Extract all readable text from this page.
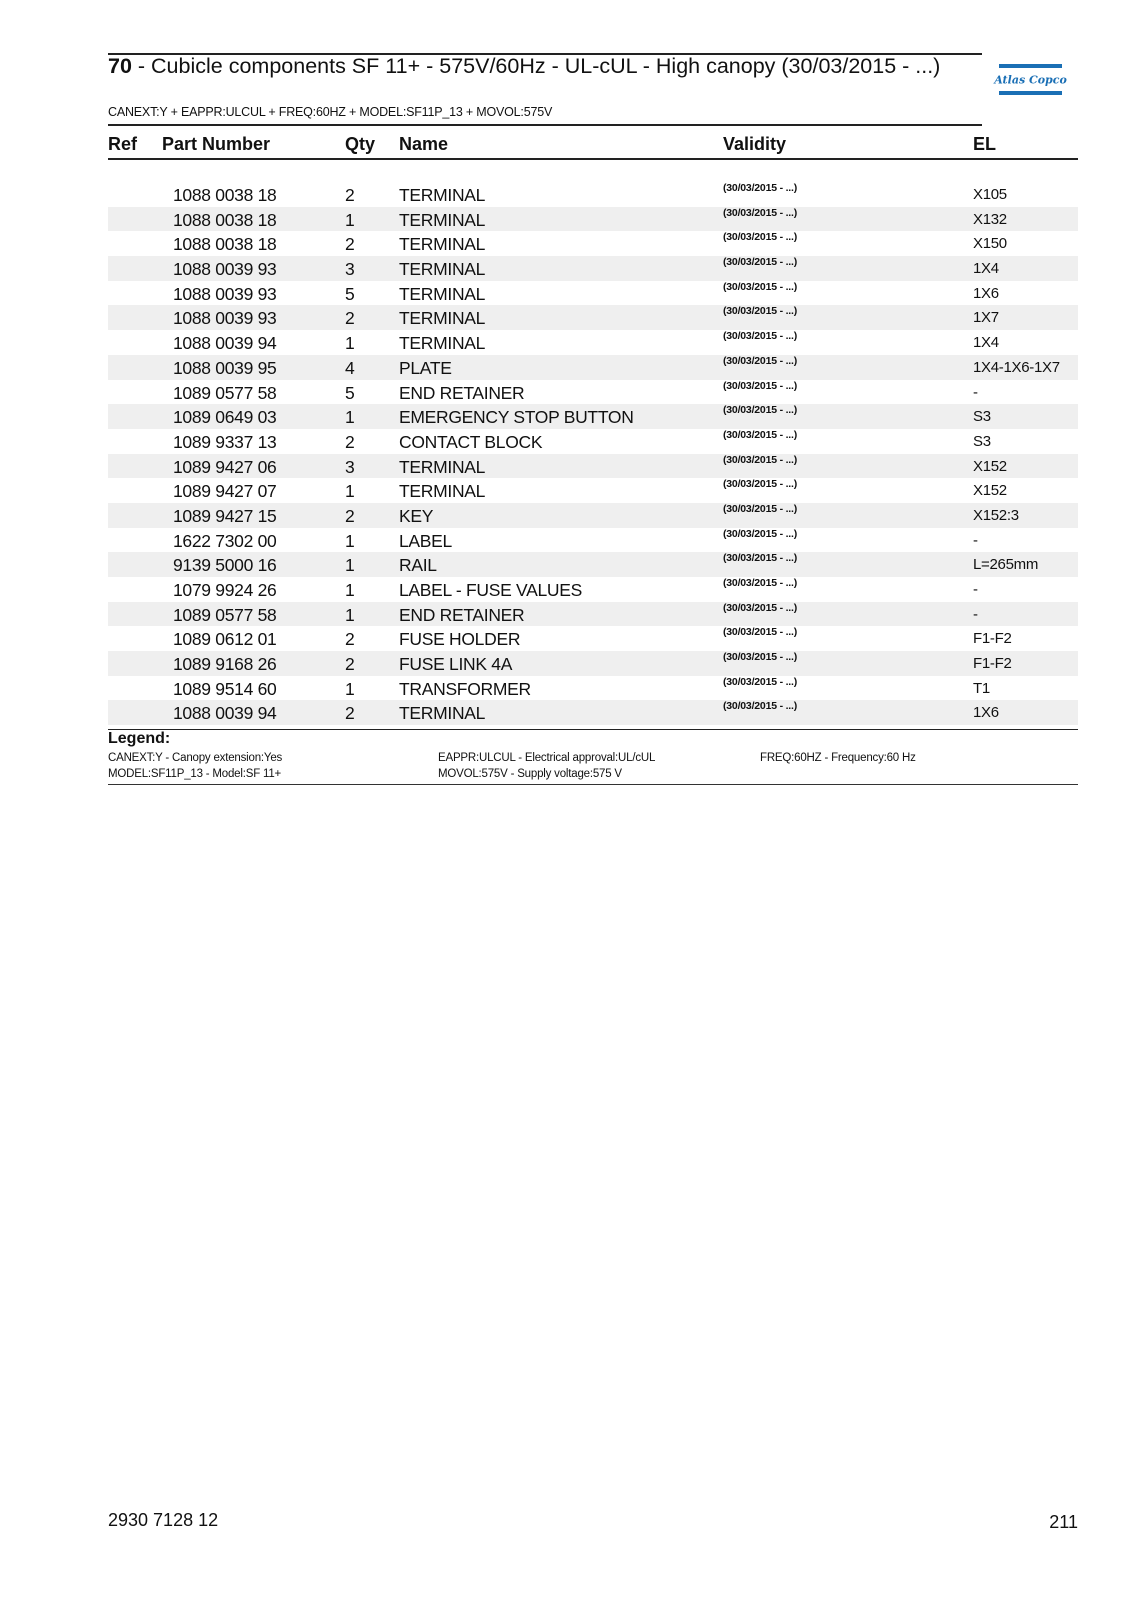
70 - Cubicle components SF 11+ - 575V/60Hz - UL-cUL - High canopy (30/03/2015 - ...)
CANEXT:Y + EAPPR:ULCUL + FREQ:60HZ + MODEL:SF11P_13 + MOVOL:575V
Atlas Copco
Ref Part Number	Qty Name	Validity	EL
1088 0038 18	2	TERMINAL	(30/03/2015 - ...)	X105
1088 0038 18	1	TERMINAL	(30/03/2015 - ...)	X132
1088 0038 18	2	TERMINAL	(30/03/2015 - ...)	X150
1088 0039 93	3	TERMINAL	(30/03/2015 - ...)	1X4
1088 0039 93	5	TERMINAL	(30/03/2015 - ...)	1X6
1088 0039 93	2	TERMINAL	(30/03/2015 - ...)	1X7
1088 0039 94	1	TERMINAL	(30/03/2015 - ...)	1X4
1088 0039 95	4	PLATE	(30/03/2015 - ...)	1X4-1X6-1X7
1089 0577 58	5	END RETAINER	(30/03/2015 - ...)	-
1089 0649 03	1	EMERGENCY STOP BUTTON	(30/03/2015 - ...)	S3
1089 9337 13	2	CONTACT BLOCK	(30/03/2015 - ...)	S3
1089 9427 06	3	TERMINAL	(30/03/2015 - ...)	X152
1089 9427 07	1	TERMINAL	(30/03/2015 - ...)	X152
1089 9427 15	2	KEY	(30/03/2015 - ...)	X152:3
1622 7302 00	1	LABEL	(30/03/2015 - ...)	-
9139 5000 16	1	RAIL	(30/03/2015 - ...)	L=265mm
1079 9924 26	1	LABEL - FUSE VALUES	(30/03/2015 - ...)	-
1089 0577 58	1	END RETAINER	(30/03/2015 - ...)	-
1089 0612 01	2	FUSE HOLDER	(30/03/2015 - ...)	F1-F2
1089 9168 26	2	FUSE LINK 4A	(30/03/2015 - ...)	F1-F2
1089 9514 60	1	TRANSFORMER	(30/03/2015 - ...)	T1
1088 0039 94	2	TERMINAL	(30/03/2015 - ...)	1X6
Legend:
CANEXT:Y - Canopy extension:Yes	EAPPR:ULCUL - Electrical approval:UL/cUL	FREQ:60HZ - Frequency:60 Hz
MODEL:SF11P_13 - Model:SF 11+	MOVOL:575V - Supply voltage:575 V
2930 7128 12	211
